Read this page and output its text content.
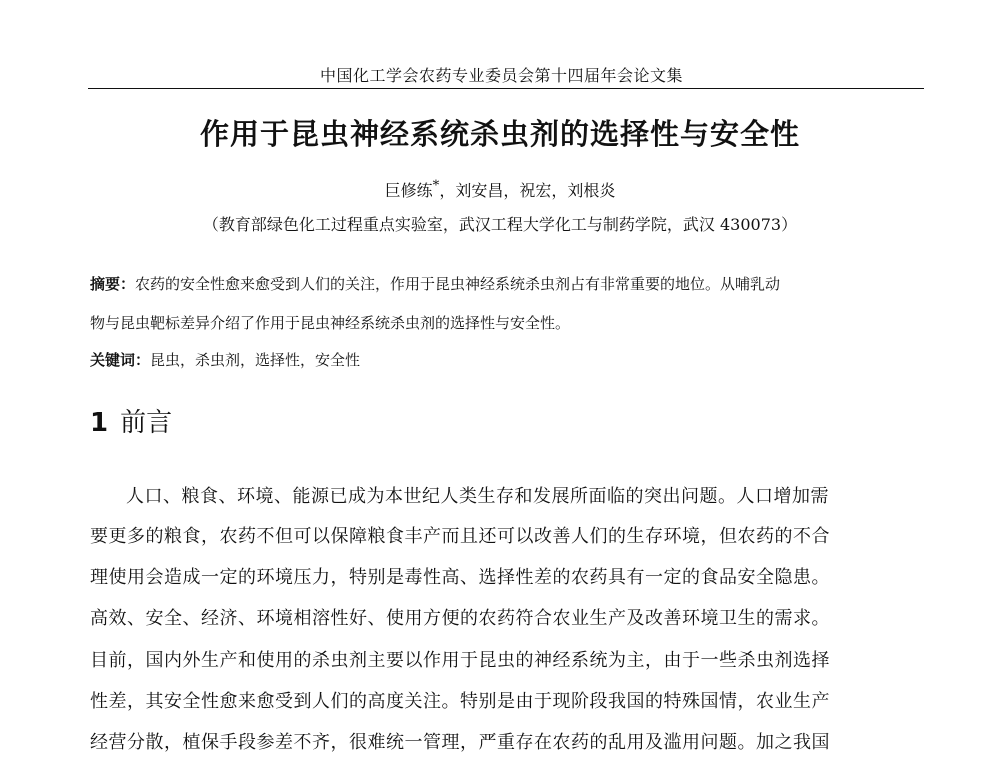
中国化工学会农药专业委员会第十四届年会论文集
作用于昆虫神经系统杀虫剂的选择性与安全性
巨修练*，刘安昌，祝宏，刘根炎
（教育部绿色化工过程重点实验室，武汉工程大学化工与制药学院，武汉 430073）
摘要：农药的安全性愈来愈受到人们的关注，作用于昆虫神经系统杀虫剂占有非常重要的地位。从哺乳动
物与昆虫靶标差异介绍了作用于昆虫神经系统杀虫剂的选择性与安全性。
关键词：昆虫，杀虫剂，选择性，安全性
1 前言
人口、粮食、环境、能源已成为本世纪人类生存和发展所面临的突出问题。人口增加需
要更多的粮食，农药不但可以保障粮食丰产而且还可以改善人们的生存环境，但农药的不合
理使用会造成一定的环境压力，特别是毒性高、选择性差的农药具有一定的食品安全隐患。
高效、安全、经济、环境相溶性好、使用方便的农药符合农业生产及改善环境卫生的需求。
目前，国内外生产和使用的杀虫剂主要以作用于昆虫的神经系统为主，由于一些杀虫剂选择
性差，其安全性愈来愈受到人们的高度关注。特别是由于现阶段我国的特殊国情，农业生产
经营分散，植保手段参差不齐，很难统一管理，严重存在农药的乱用及滥用问题。加之我国
